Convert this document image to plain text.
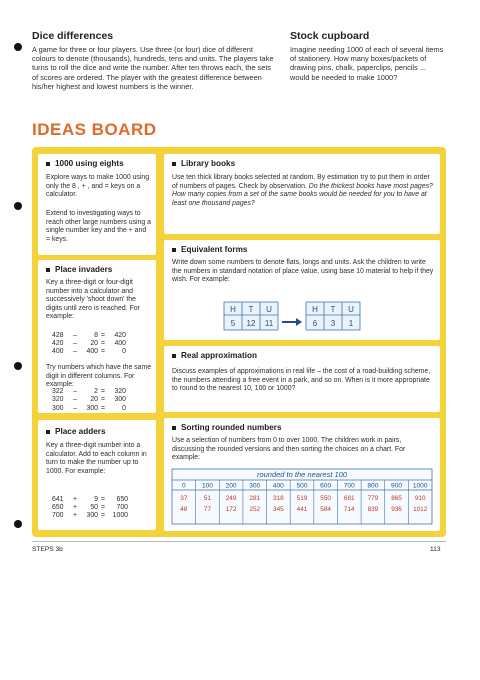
Dice differences

A game for three or four players. Use three (or four) dice of different colours to denote (thousands), hundreds, tens and units. The players take turns to roll the dice and write the number. After ten throws each, the sets of scores are ordered. The player with the greatest difference between his/her highest and lowest numbers is the winner.

Stock cupboard

Imagine needing 1000 of each of several items of stationery. How many boxes/packets of drawing pins, chalk, paperclips, pencils ... would be needed to make 1000?

IDEAS BOARD
1000 using eights
Explore ways to make 1000 using only the 8 , + , and = keys on a calculator.
Extend to investigating ways to reach other large numbers using a single number key and the + and = keys.
Place invaders
Key a three-digit or four-digit number into a calculator and successively 'shoot down' the digits until zero is reached. For example:
428 – 8 = 420
420 – 20 = 400
400 – 400 = 0
Try numbers which have the same digit in different columns. For example:
322 – 2 = 320
320 – 20 = 300
300 – 300 = 0
Place adders
Key a three-digit number into a calculator. Add to each column in turn to make the number up to 1000. For example:
641 + 9 = 650
650 + 50 = 700
700 + 300 = 1000
Library books
Use ten thick library books selected at random. By estimation try to put them in order of numbers of pages. Check by observation. Do the thickest books have most pages? How many copies from a set of the same books would be needed for you to have at least one thousand pages?
Equivalent forms
Write down some numbers to denote flats, longs and units. Ask the children to write the numbers in standard notation of place value, using base 10 material to help if they wish. For example:
H T U
5 12 11
H T U
6 3 1
Real approximation
Discuss examples of approximations in real life – the cost of a road-building scheme, the numbers attending a free event in a park, and so on. When is it more appropriate to round to the nearest 10, 100 or 1000?
Sorting rounded numbers
Use a selection of numbers from 0 to over 1000. The children work in pairs, discussing the rounded versions and then sorting the choices on a chart. For example:
rounded to the nearest 100
0
37
48
100
51
77
200
249
172
300
281
252
400
318
345
500
519
441
600
550
584
700
681
714
800
779
839
900
865
936
1000
910
1012
STEPS 3b	113
